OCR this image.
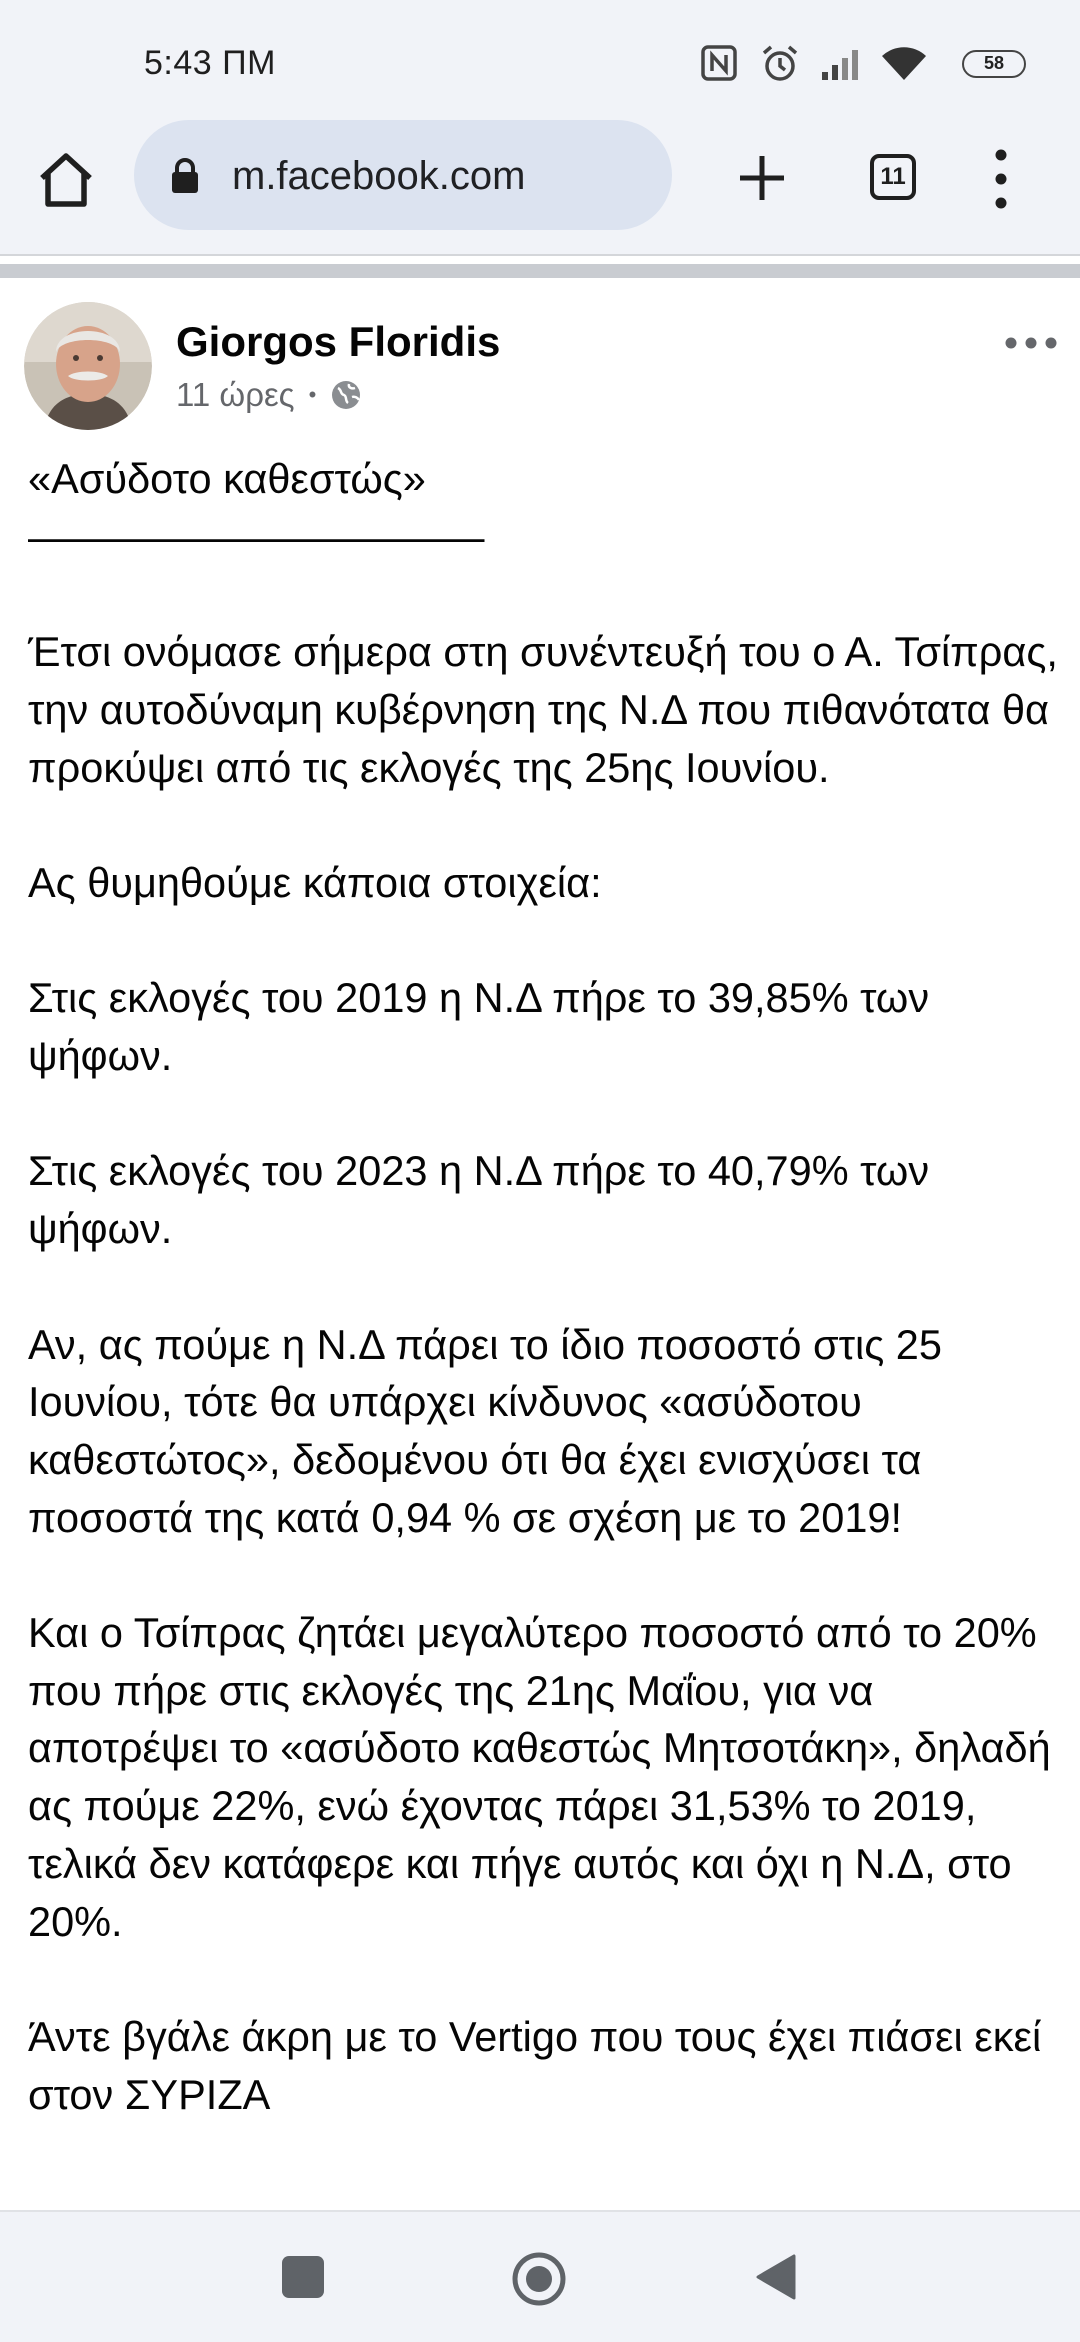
5:43 ΠΜ	58
m.facebook.com	11
Giorgos Floridis
11 ώρες •

«Ασύδοτο καθεστώς»
———————————

Έτσι ονόμασε σήμερα στη συνέντευξή του ο Α. Τσίπρας, την αυτοδύναμη κυβέρνηση της Ν.Δ που πιθανότατα θα προκύψει από τις εκλογές της 25ης Ιουνίου.

Ας θυμηθούμε κάποια στοιχεία:

Στις εκλογές του 2019 η Ν.Δ πήρε το 39,85% των ψήφων.

Στις εκλογές του 2023 η Ν.Δ πήρε το 40,79% των ψήφων.

Αν, ας πούμε η Ν.Δ πάρει το ίδιο ποσοστό στις 25 Ιουνίου, τότε θα υπάρχει κίνδυνος «ασύδοτου καθεστώτος», δεδομένου ότι θα έχει ενισχύσει τα ποσοστά της κατά 0,94 % σε σχέση με το 2019!

Και ο Τσίπρας ζητάει μεγαλύτερο ποσοστό από το 20% που πήρε στις εκλογές της 21ης Μαΐου, για να αποτρέψει το «ασύδοτο καθεστώς Μητσοτάκη», δηλαδή ας πούμε 22%, ενώ έχοντας πάρει 31,53% το 2019, τελικά δεν κατάφερε και πήγε αυτός και όχι η Ν.Δ, στο 20%.

Άντε βγάλε άκρη με το Vertigo που τους έχει πιάσει εκεί στον ΣΥΡΙΖΑ
